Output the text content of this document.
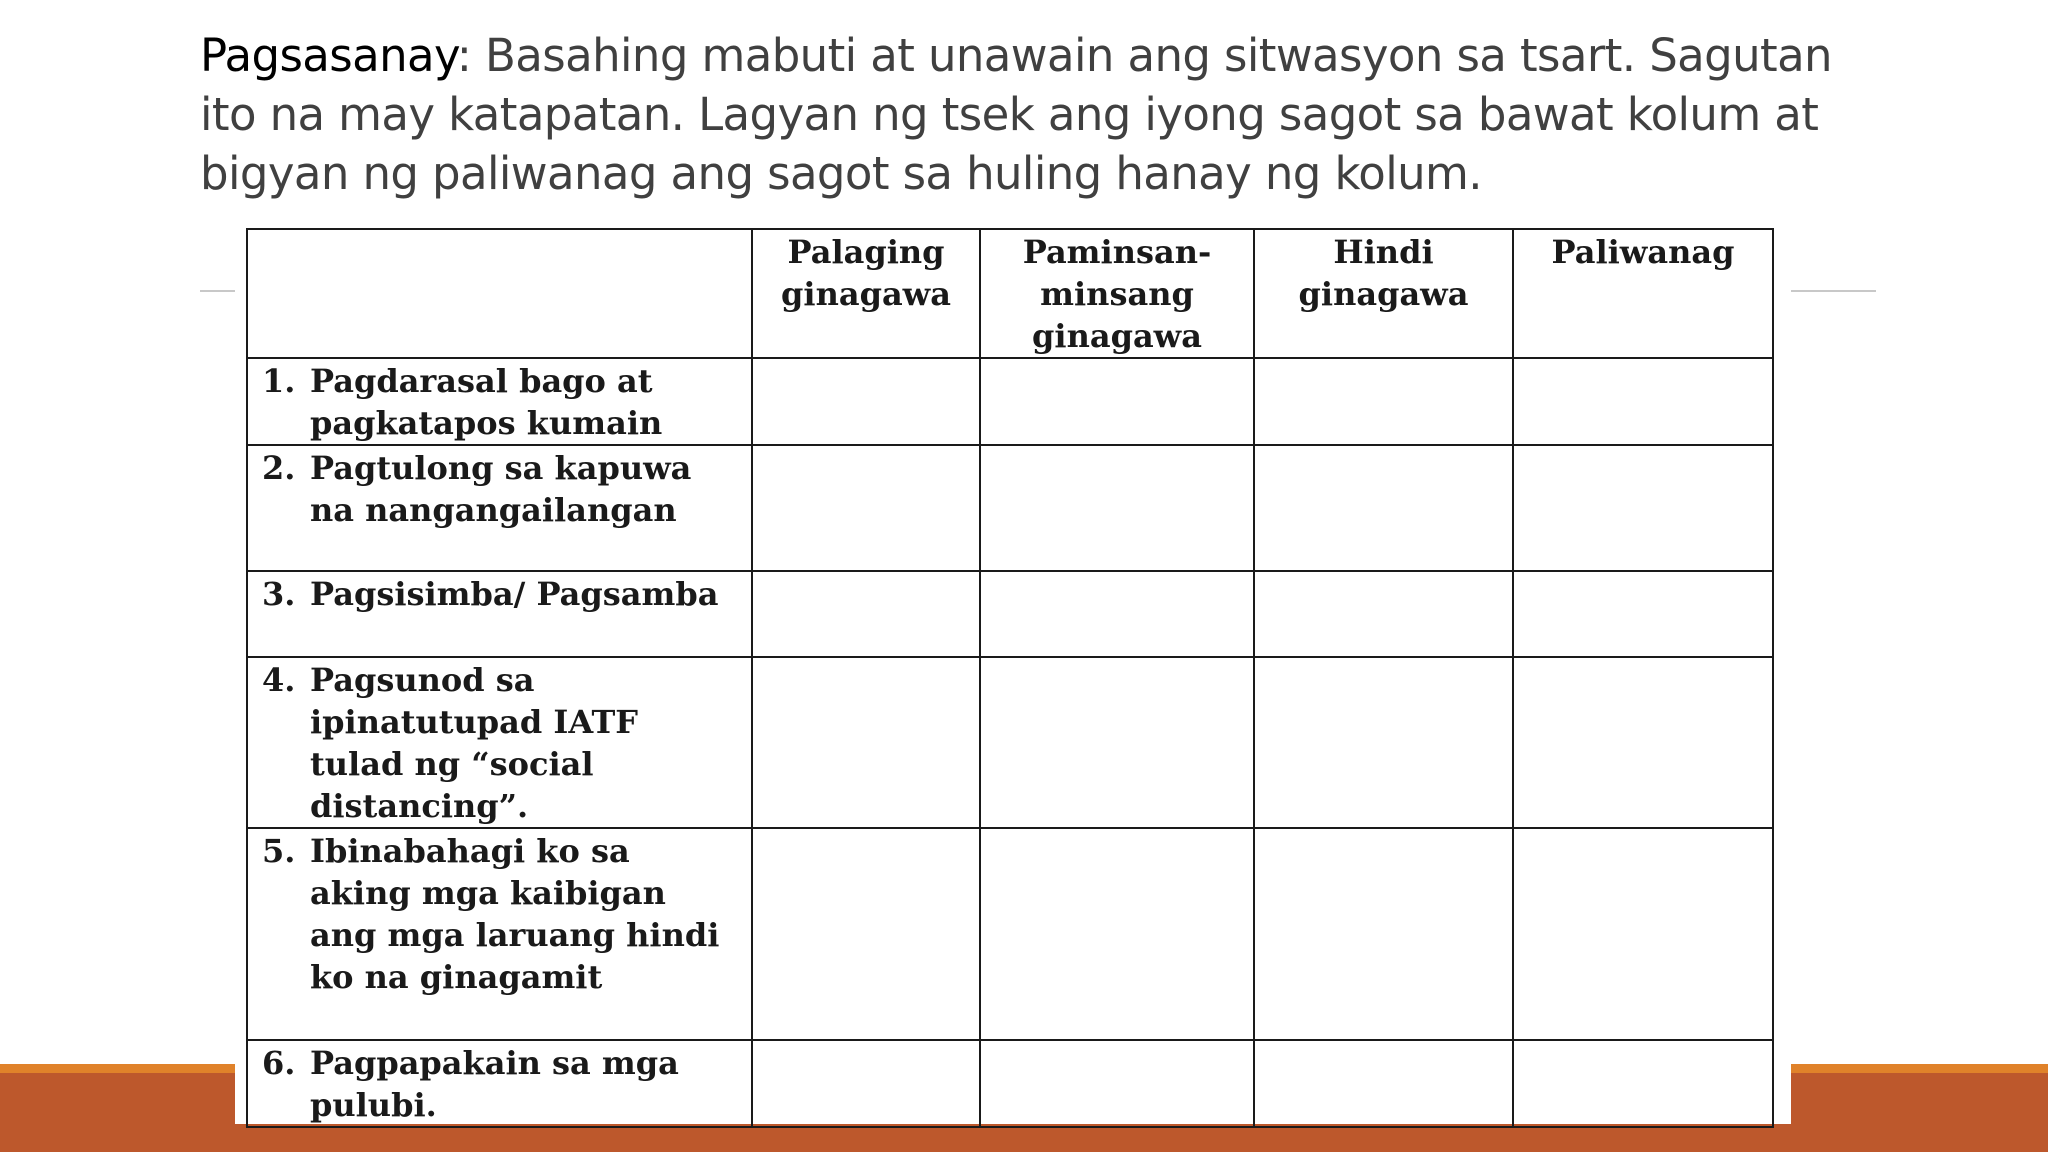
Pagsasanay: Basahing mabuti at unawain ang sitwasyon sa tsart. Sagutan ito na may katapatan. Lagyan ng tsek ang iyong sagot sa bawat kolum at bigyan ng paliwanag ang sagot sa huling hanay ng kolum.
	Palaging ginagawa	Paminsan-minsang ginagawa	Hindi ginagawa	Paliwanag
1. Pagdarasal bago at pagkatapos kumain				
2. Pagtulong sa kapuwa na nangangailangan				
3. Pagsisimba/ Pagsamba				
4. Pagsunod sa ipinatutupad IATF tulad ng “social distancing”.				
5. Ibinabahagi ko sa aking mga kaibigan ang mga laruang hindi ko na ginagamit				
6. Pagpapakain sa mga pulubi.				
